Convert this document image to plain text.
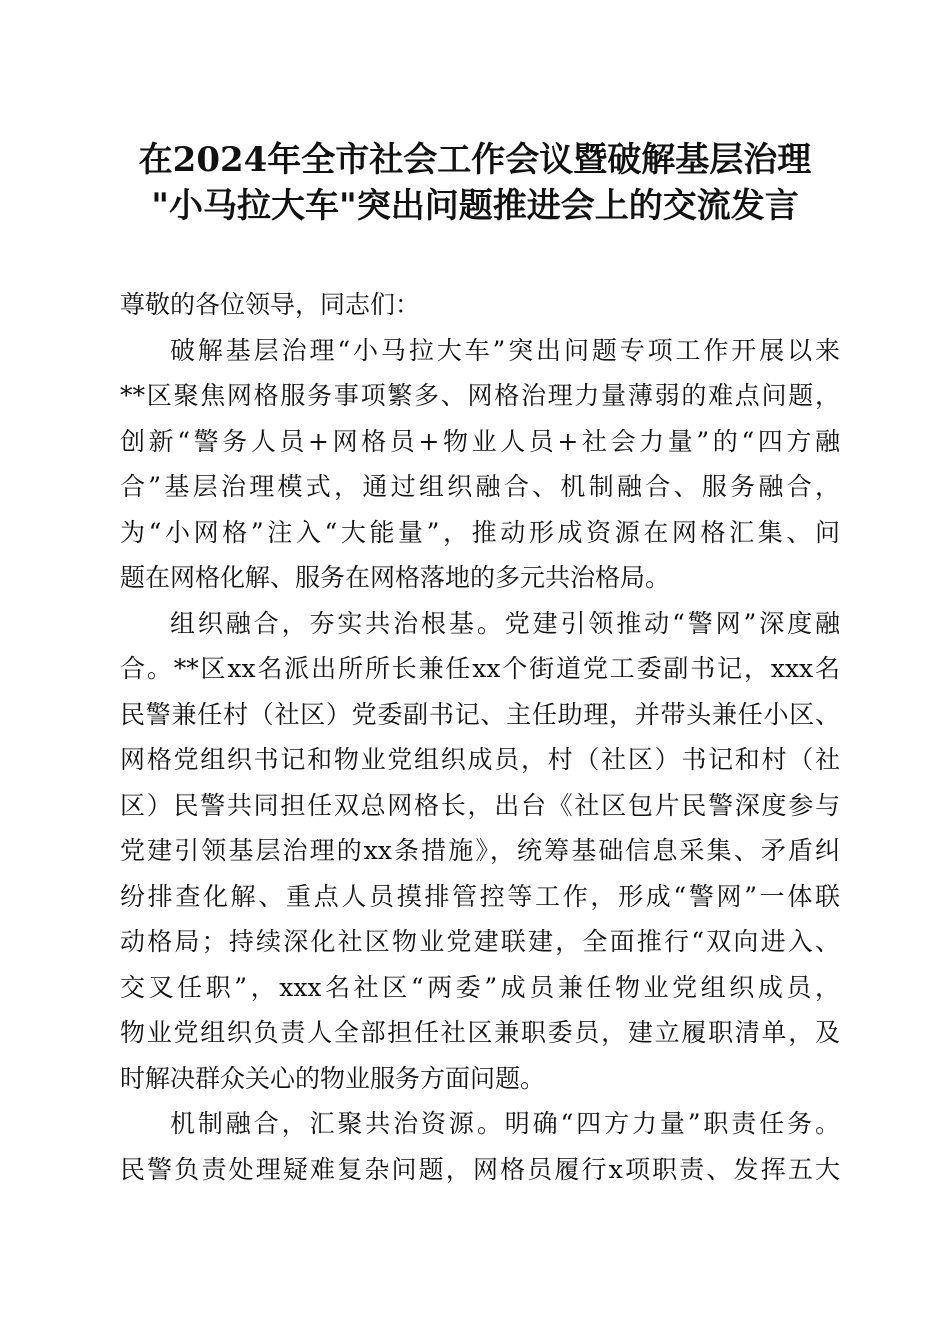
在2024年全市社会工作会议暨破解基层治理
"小马拉大车"突出问题推进会上的交流发言
尊敬的各位领导，同志们：
破解基层治理“小马拉大车”突出问题专项工作开展以来
**区聚焦网格服务事项繁多、网格治理力量薄弱的难点问题，
创新“警务人员+网格员+物业人员+社会力量”的“四方融
合”基层治理模式，通过组织融合、机制融合、服务融合，
为“小网格”注入“大能量”，推动形成资源在网格汇集、问
题在网格化解、服务在网格落地的多元共治格局。
组织融合，夯实共治根基。党建引领推动“警网”深度融
合。**区xx名派出所所长兼任xx个街道党工委副书记，xxx名
民警兼任村（社区）党委副书记、主任助理，并带头兼任小区、
网格党组织书记和物业党组织成员，村（社区）书记和村（社
区）民警共同担任双总网格长，出台《社区包片民警深度参与
党建引领基层治理的xx条措施》，统筹基础信息采集、矛盾纠
纷排查化解、重点人员摸排管控等工作，形成“警网”一体联
动格局；持续深化社区物业党建联建，全面推行“双向进入、
交叉任职”，xxx名社区“两委”成员兼任物业党组织成员，
物业党组织负责人全部担任社区兼职委员，建立履职清单，及
时解决群众关心的物业服务方面问题。
机制融合，汇聚共治资源。明确“四方力量”职责任务。
民警负责处理疑难复杂问题，网格员履行x项职责、发挥五大
